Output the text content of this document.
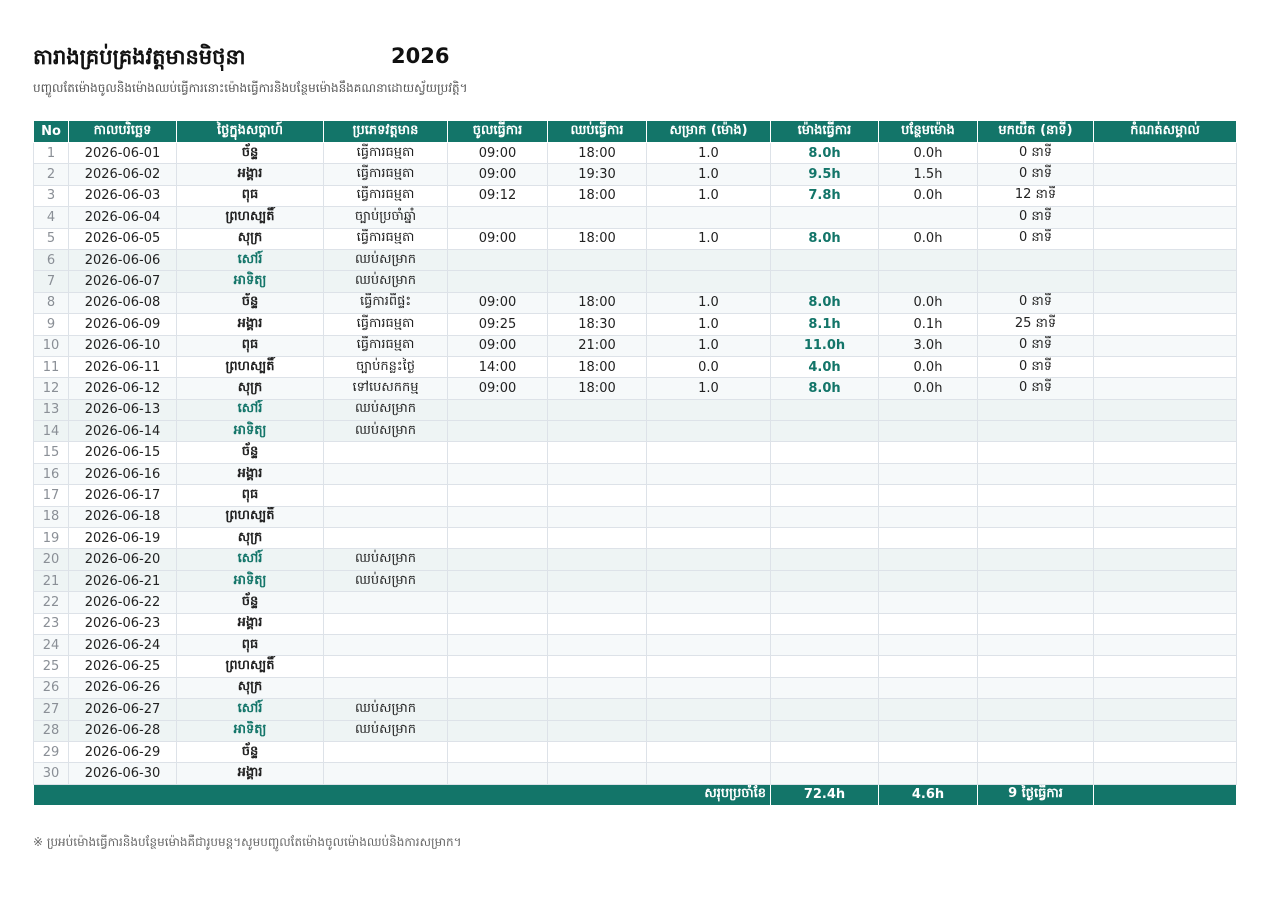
តារាងគ្រប់គ្រងវត្តមានមិថុនា	2026
បញ្ចូលតែម៉ោងចូលនិងម៉ោងឈប់ធ្វើការនោះម៉ោងធ្វើការនិងបន្ថែមម៉ោងនឹងគណនាដោយស្វ័យប្រវត្តិ។
No	កាលបរិច្ឆេទ	ថ្ងៃក្នុងសប្តាហ៍	ប្រភេទវត្តមាន	ចូលធ្វើការ	ឈប់ធ្វើការ	សម្រាក (ម៉ោង)	ម៉ោងធ្វើការ	បន្ថែមម៉ោង	មកយឺត (នាទី)	កំណត់សម្គាល់
1	2026-06-01	ច័ន្ទ	ធ្វើការធម្មតា	09:00	18:00	1.0	8.0h	0.0h	0 នាទី	
2	2026-06-02	អង្គារ	ធ្វើការធម្មតា	09:00	19:30	1.0	9.5h	1.5h	0 នាទី	
3	2026-06-03	ពុធ	ធ្វើការធម្មតា	09:12	18:00	1.0	7.8h	0.0h	12 នាទី	
4	2026-06-04	ព្រហស្បតិ៍	ច្បាប់ប្រចាំឆ្នាំ						0 នាទី	
5	2026-06-05	សុក្រ	ធ្វើការធម្មតា	09:00	18:00	1.0	8.0h	0.0h	0 នាទី	
6	2026-06-06	សៅរ៍	ឈប់សម្រាក							
7	2026-06-07	អាទិត្យ	ឈប់សម្រាក							
8	2026-06-08	ច័ន្ទ	ធ្វើការពីផ្ទះ	09:00	18:00	1.0	8.0h	0.0h	0 នាទី	
9	2026-06-09	អង្គារ	ធ្វើការធម្មតា	09:25	18:30	1.0	8.1h	0.1h	25 នាទី	
10	2026-06-10	ពុធ	ធ្វើការធម្មតា	09:00	21:00	1.0	11.0h	3.0h	0 នាទី	
11	2026-06-11	ព្រហស្បតិ៍	ច្បាប់កន្លះថ្ងៃ	14:00	18:00	0.0	4.0h	0.0h	0 នាទី	
12	2026-06-12	សុក្រ	ទៅបេសកកម្ម	09:00	18:00	1.0	8.0h	0.0h	0 នាទី	
13	2026-06-13	សៅរ៍	ឈប់សម្រាក							
14	2026-06-14	អាទិត្យ	ឈប់សម្រាក							
15	2026-06-15	ច័ន្ទ								
16	2026-06-16	អង្គារ								
17	2026-06-17	ពុធ								
18	2026-06-18	ព្រហស្បតិ៍								
19	2026-06-19	សុក្រ								
20	2026-06-20	សៅរ៍	ឈប់សម្រាក							
21	2026-06-21	អាទិត្យ	ឈប់សម្រាក							
22	2026-06-22	ច័ន្ទ								
23	2026-06-23	អង្គារ								
24	2026-06-24	ពុធ								
25	2026-06-25	ព្រហស្បតិ៍								
26	2026-06-26	សុក្រ								
27	2026-06-27	សៅរ៍	ឈប់សម្រាក							
28	2026-06-28	អាទិត្យ	ឈប់សម្រាក							
29	2026-06-29	ច័ន្ទ								
30	2026-06-30	អង្គារ								
សរុបប្រចាំខែ							72.4h	4.6h	9 ថ្ងៃធ្វើការ	
※ ប្រអប់ម៉ោងធ្វើការនិងបន្ថែមម៉ោងគឺជារូបមន្ត។សូមបញ្ចូលតែម៉ោងចូលម៉ោងឈប់និងការសម្រាក។
